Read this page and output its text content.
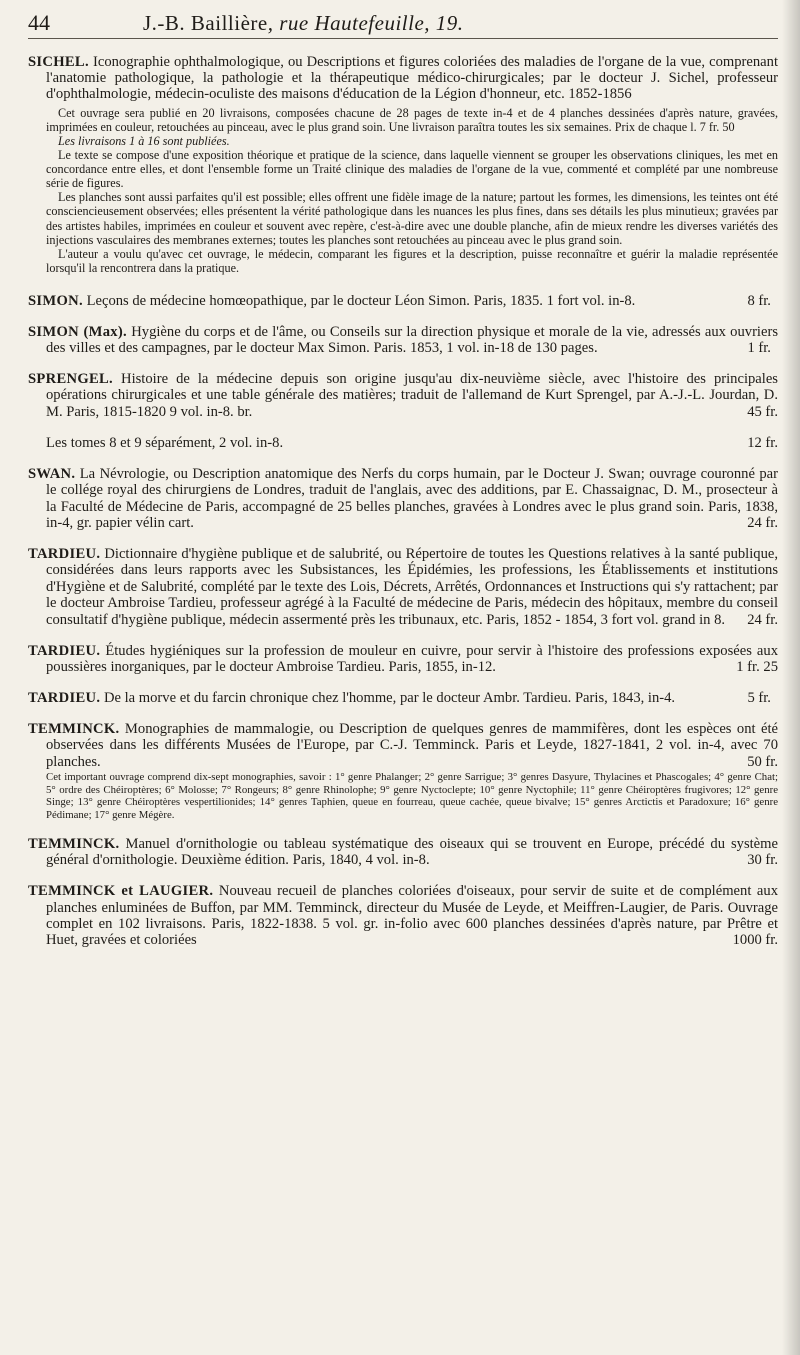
44	J.-B. Baillière, rue Hautefeuille, 19.

SICHEL. Iconographie ophthalmologique, ou Descriptions et figures coloriées des maladies de l'organe de la vue, comprenant l'anatomie pathologique, la pathologie et la thérapeutique médico-chirurgicales; par le docteur J. Sichel, professeur d'ophthalmologie, médecin-oculiste des maisons d'éducation de la Légion d'honneur, etc. 1852-1856

Cet ouvrage sera publié en 20 livraisons, composées chacune de 28 pages de texte in-4 et de 4 planches dessinées d'après nature, gravées, imprimées en couleur, retouchées au pinceau, avec le plus grand soin. Une livraison paraîtra toutes les six semaines. Prix de chaque l. 7 fr. 50

Les livraisons 1 à 16 sont publiées.

Le texte se compose d'une exposition théorique et pratique de la science, dans laquelle viennent se grouper les observations cliniques, les met en concordance entre elles, et dont l'ensemble forme un Traité clinique des maladies de l'organe de la vue, commenté et complété par une nombreuse série de figures.

Les planches sont aussi parfaites qu'il est possible; elles offrent une fidèle image de la nature; partout les formes, les dimensions, les teintes ont été consciencieusement observées; elles présentent la vérité pathologique dans les nuances les plus fines, dans ses détails les plus minutieux; gravées par des artistes habiles, imprimées en couleur et souvent avec repère, c'est-à-dire avec une double planche, afin de mieux rendre les diverses variétés des injections vasculaires des membranes externes; toutes les planches sont retouchées au pinceau avec le plus grand soin.

L'auteur a voulu qu'avec cet ouvrage, le médecin, comparant les figures et la description, puisse reconnaître et guérir la maladie représentée lorsqu'il la rencontrera dans la pratique.

SIMON. Leçons de médecine homœopathique, par le docteur Léon Simon. Paris, 1835. 1 fort vol. in-8.	8 fr.

SIMON (Max). Hygiène du corps et de l'âme, ou Conseils sur la direction physique et morale de la vie, adressés aux ouvriers des villes et des campagnes, par le docteur Max Simon. Paris. 1853, 1 vol. in-18 de 130 pages.	1 fr.

SPRENGEL. Histoire de la médecine depuis son origine jusqu'au dix-neuvième siècle, avec l'histoire des principales opérations chirurgicales et une table générale des matières; traduit de l'allemand de Kurt Sprengel, par A.-J.-L. Jourdan, D. M. Paris, 1815-1820 9 vol. in-8. br.	45 fr.

Les tomes 8 et 9 séparément, 2 vol. in-8.	12 fr.

SWAN. La Névrologie, ou Description anatomique des Nerfs du corps humain, par le Docteur J. Swan; ouvrage couronné par le collége royal des chirurgiens de Londres, traduit de l'anglais, avec des additions, par E. Chassaignac, D. M., prosecteur à la Faculté de Médecine de Paris, accompagné de 25 belles planches, gravées à Londres avec le plus grand soin. Paris, 1838, in-4, gr. papier vélin cart.	24 fr.

TARDIEU. Dictionnaire d'hygiène publique et de salubrité, ou Répertoire de toutes les Questions relatives à la santé publique, considérées dans leurs rapports avec les Subsistances, les Épidémies, les professions, les Établissements et institutions d'Hygiène et de Salubrité, complété par le texte des Lois, Décrets, Arrêtés, Ordonnances et Instructions qui s'y rattachent; par le docteur Ambroise Tardieu, professeur agrégé à la Faculté de médecine de Paris, médecin des hôpitaux, membre du conseil consultatif d'hygiène publique, médecin assermenté près les tribunaux, etc. Paris, 1852 - 1854, 3 fort vol. grand in 8. 24 fr.

TARDIEU. Études hygiéniques sur la profession de mouleur en cuivre, pour servir à l'histoire des professions exposées aux poussières inorganiques, par le docteur Ambroise Tardieu. Paris, 1855, in-12.	1 fr. 25

TARDIEU. De la morve et du farcin chronique chez l'homme, par le docteur Ambr. Tardieu. Paris, 1843, in-4.	5 fr.

TEMMINCK. Monographies de mammalogie, ou Description de quelques genres de mammifères, dont les espèces ont été observées dans les différents Musées de l'Europe, par C.-J. Temminck. Paris et Leyde, 1827-1841, 2 vol. in-4, avec 70 planches.	50 fr.

Cet important ouvrage comprend dix-sept monographies, savoir : 1° genre Phalanger; 2° genre Sarrigue; 3° genres Dasyure, Thylacines et Phascogales; 4° genre Chat; 5° ordre des Chéiroptères; 6° Molosse; 7° Rongeurs; 8° genre Rhinolophe; 9° genre Nyctoclepte; 10° genre Nyctophile; 11° genre Chéiroptères frugivores; 12° genre Singe; 13° genre Chéiroptères vespertilionides; 14° genres Taphien, queue en fourreau, queue cachée, queue bivalve; 15° genres Arctictis et Paradoxure; 16° genre Pédimane; 17° genre Mégère.

TEMMINCK. Manuel d'ornithologie ou tableau systématique des oiseaux qui se trouvent en Europe, précédé du système général d'ornithologie. Deuxième édition. Paris, 1840, 4 vol. in-8.	30 fr.

TEMMINCK et LAUGIER. Nouveau recueil de planches coloriées d'oiseaux, pour servir de suite et de complément aux planches enluminées de Buffon, par MM. Temminck, directeur du Musée de Leyde, et Meiffren-Laugier, de Paris. Ouvrage complet en 102 livraisons. Paris, 1822-1838. 5 vol. gr. in-folio avec 600 planches dessinées d'après nature, par Prêtre et Huet, gravées et coloriées	1000 fr.
